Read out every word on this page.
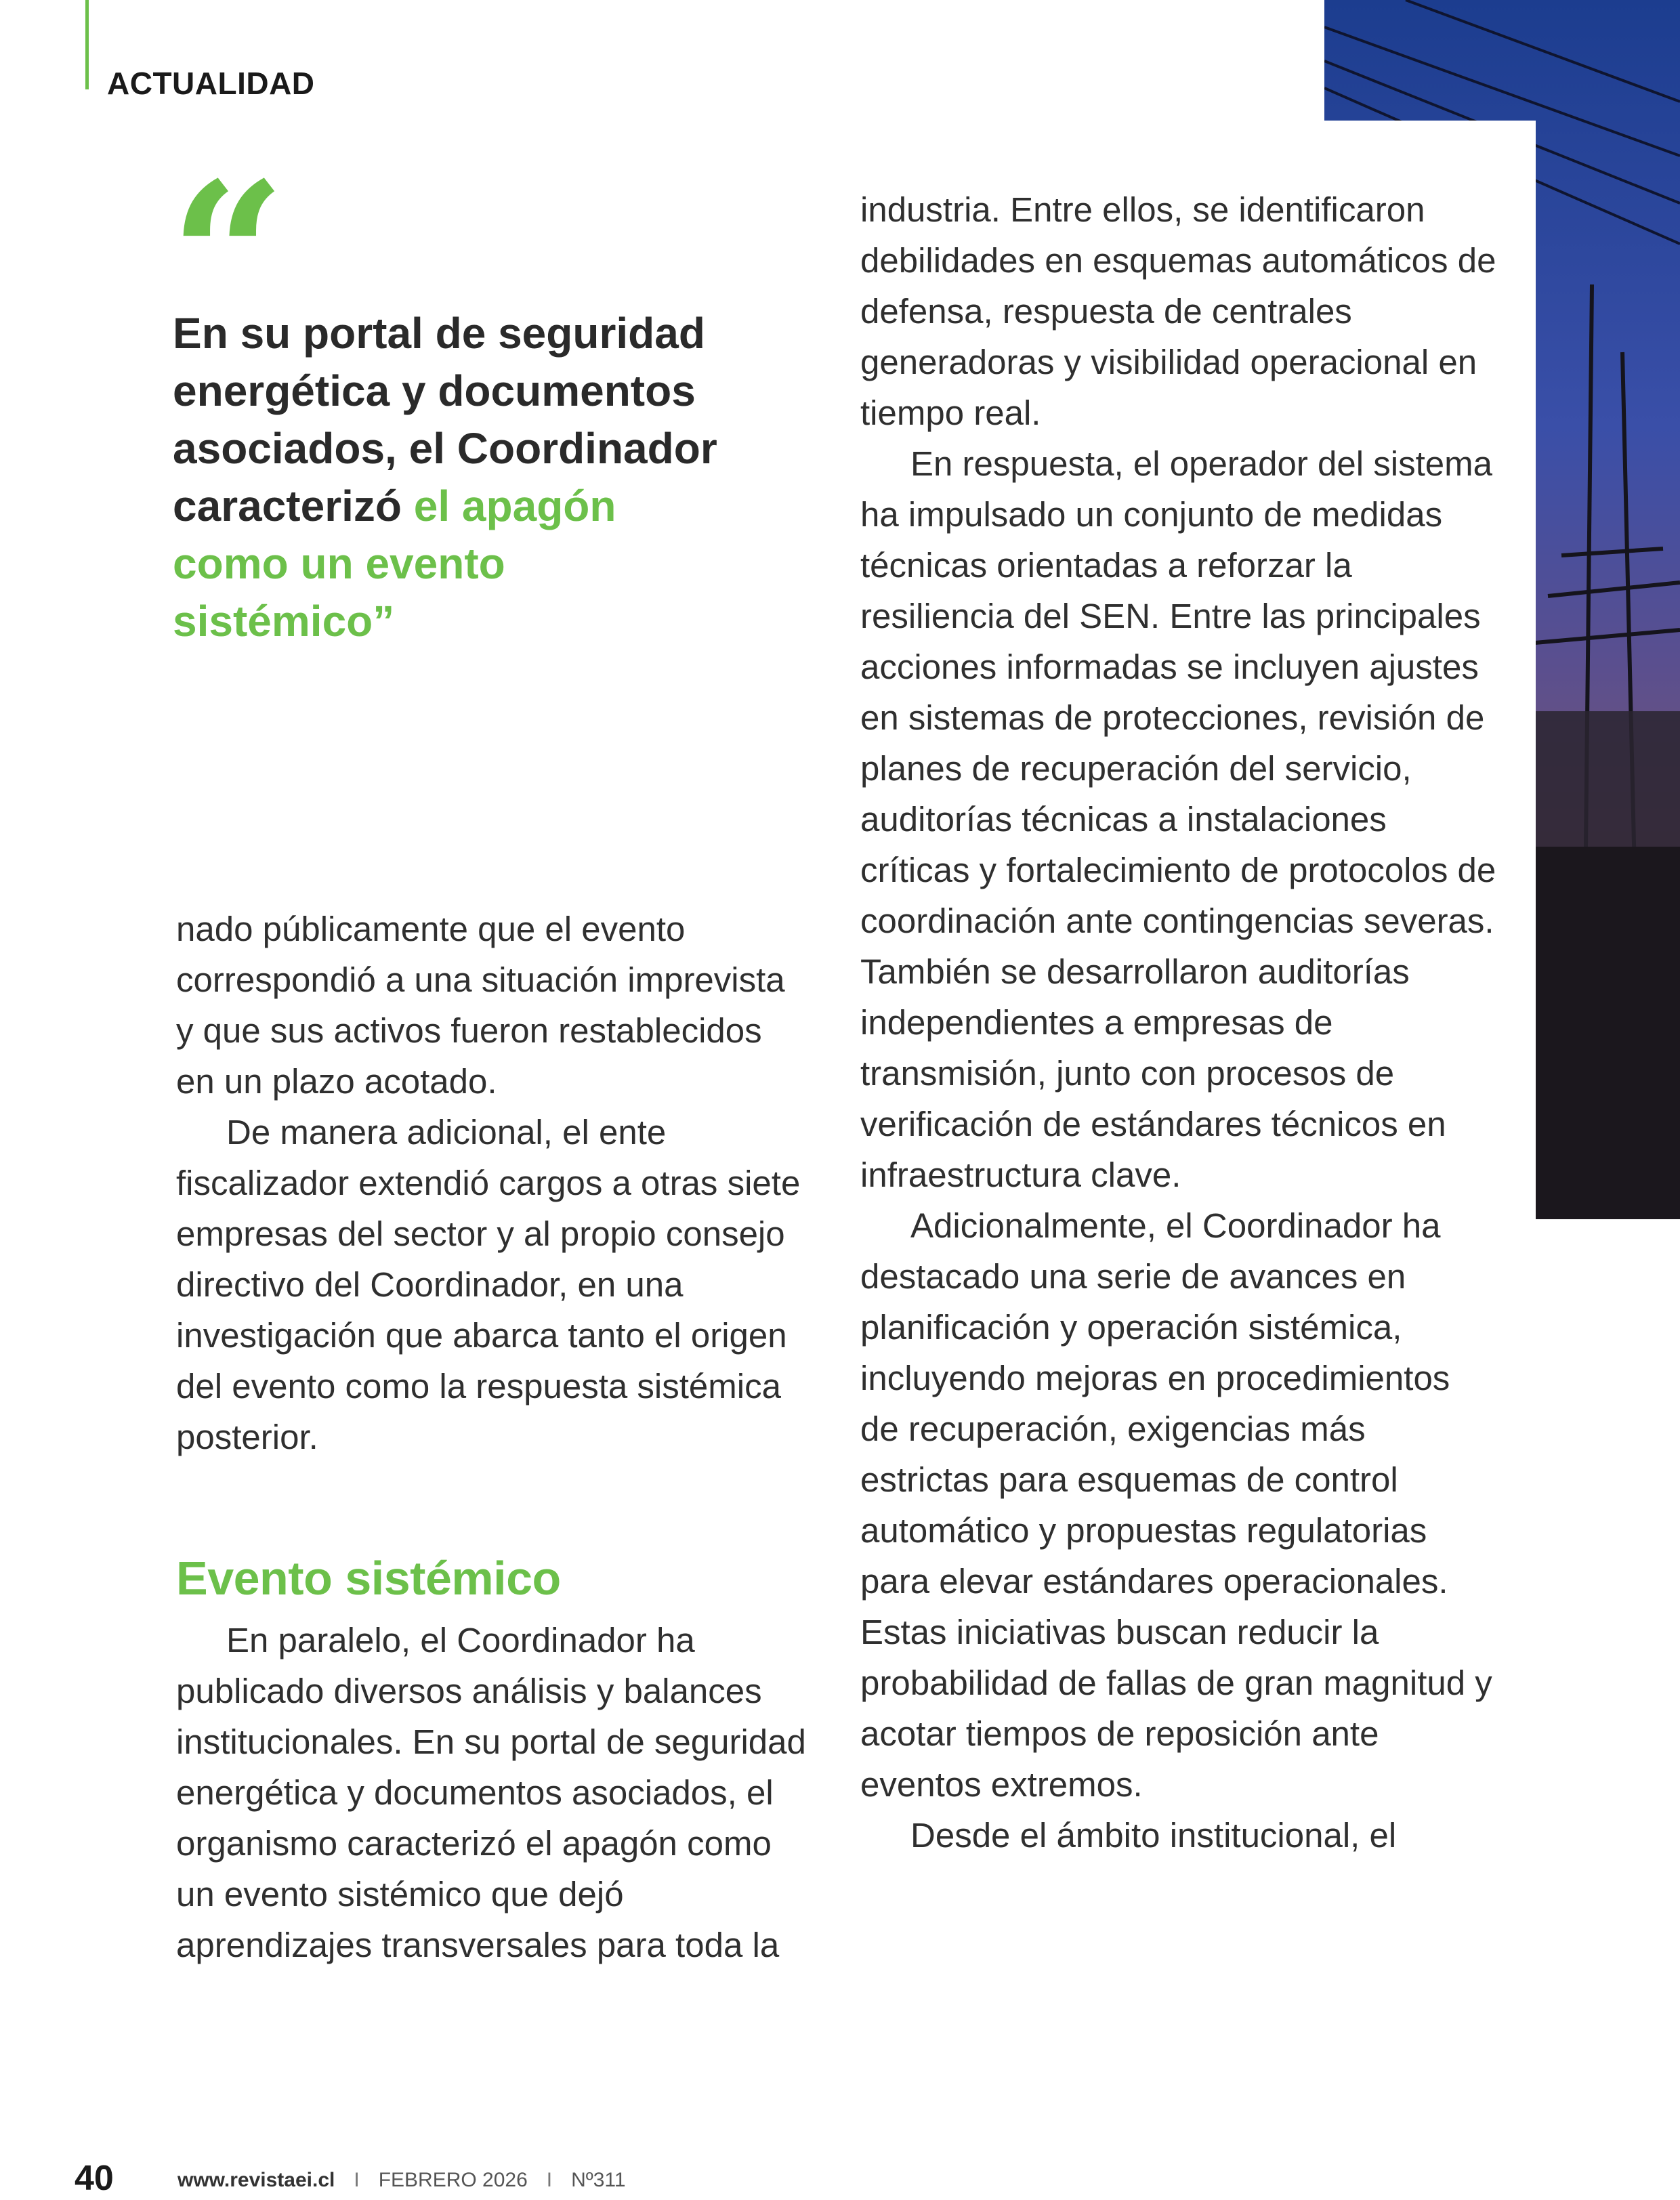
ACTUALIDAD
“

En su portal de seguridad energética y documentos asociados, el Coordinador caracterizó el apagón como un evento sistémico”

nado públicamente que el evento correspondió a una situación imprevista y que sus activos fueron restablecidos en un plazo acotado.

De manera adicional, el ente fiscalizador extendió cargos a otras siete empresas del sector y al propio consejo directivo del Coordinador, en una investigación que abarca tanto el origen del evento como la respuesta sistémica posterior.

Evento sistémico

En paralelo, el Coordinador ha publicado diversos análisis y balances institucionales. En su portal de seguridad energética y documentos asociados, el organismo caracterizó el apagón como un evento sistémico que dejó aprendizajes transversales para toda la

industria. Entre ellos, se identificaron debilidades en esquemas automáticos de defensa, respuesta de centrales generadoras y visibilidad operacional en tiempo real.

En respuesta, el operador del sistema ha impulsado un conjunto de medidas técnicas orientadas a reforzar la resiliencia del SEN. Entre las principales acciones informadas se incluyen ajustes en sistemas de protecciones, revisión de planes de recuperación del servicio, auditorías técnicas a instalaciones críticas y fortalecimiento de protocolos de coordinación ante contingencias severas. También se desarrollaron auditorías independientes a empresas de transmisión, junto con procesos de verificación de estándares técnicos en infraestructura clave.

Adicionalmente, el Coordinador ha destacado una serie de avances en planificación y operación sistémica, incluyendo mejoras en procedimientos de recuperación, exigencias más estrictas para esquemas de control automático y propuestas regulatorias para elevar estándares operacionales. Estas iniciativas buscan reducir la probabilidad de fallas de gran magnitud y acotar tiempos de reposición ante eventos extremos.

Desde el ámbito institucional, el

40	www.revistaei.cl I FEBRERO 2026 I Nº311
